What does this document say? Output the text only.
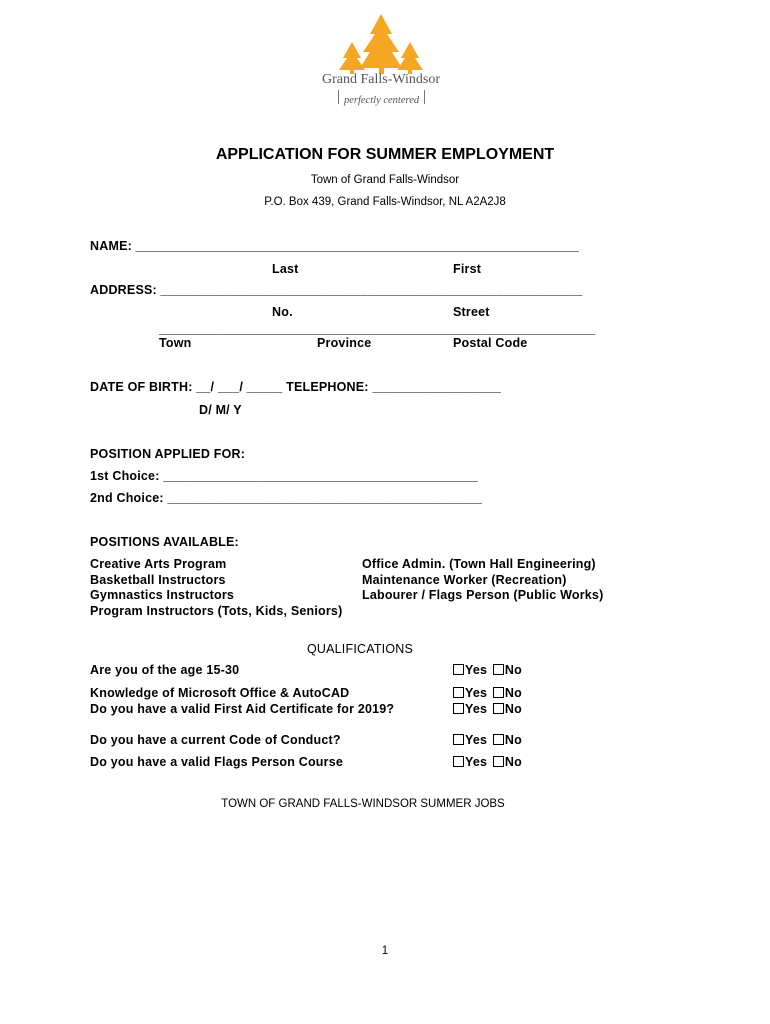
Grand Falls-Windsor
perfectly centered
APPLICATION FOR SUMMER EMPLOYMENT
Town of Grand Falls-Windsor
P.O. Box 439, Grand Falls-Windsor, NL A2A2J8
NAME: ______________________________________________________________
Last	First
ADDRESS: ___________________________________________________________
No.	Street
_____________________________________________________________
Town	Province	Postal Code
DATE OF BIRTH: __/ ___/ _____ TELEPHONE: __________________
D/ M/ Y
POSITION APPLIED FOR:
1st Choice: ____________________________________________
2nd Choice: ____________________________________________
POSITIONS AVAILABLE:
Creative Arts Program
Basketball Instructors
Gymnastics Instructors
Program Instructors (Tots, Kids, Seniors)
Office Admin. (Town Hall Engineering)
Maintenance Worker (Recreation)
Labourer / Flags Person (Public Works)
QUALIFICATIONS
Are you of the age 15-30	Yes No
Knowledge of Microsoft Office & AutoCAD	Yes No
Do you have a valid First Aid Certificate for 2019?	Yes No
Do you have a current Code of Conduct?	Yes No
Do you have a valid Flags Person Course	Yes No
TOWN OF GRAND FALLS-WINDSOR SUMMER JOBS
1
